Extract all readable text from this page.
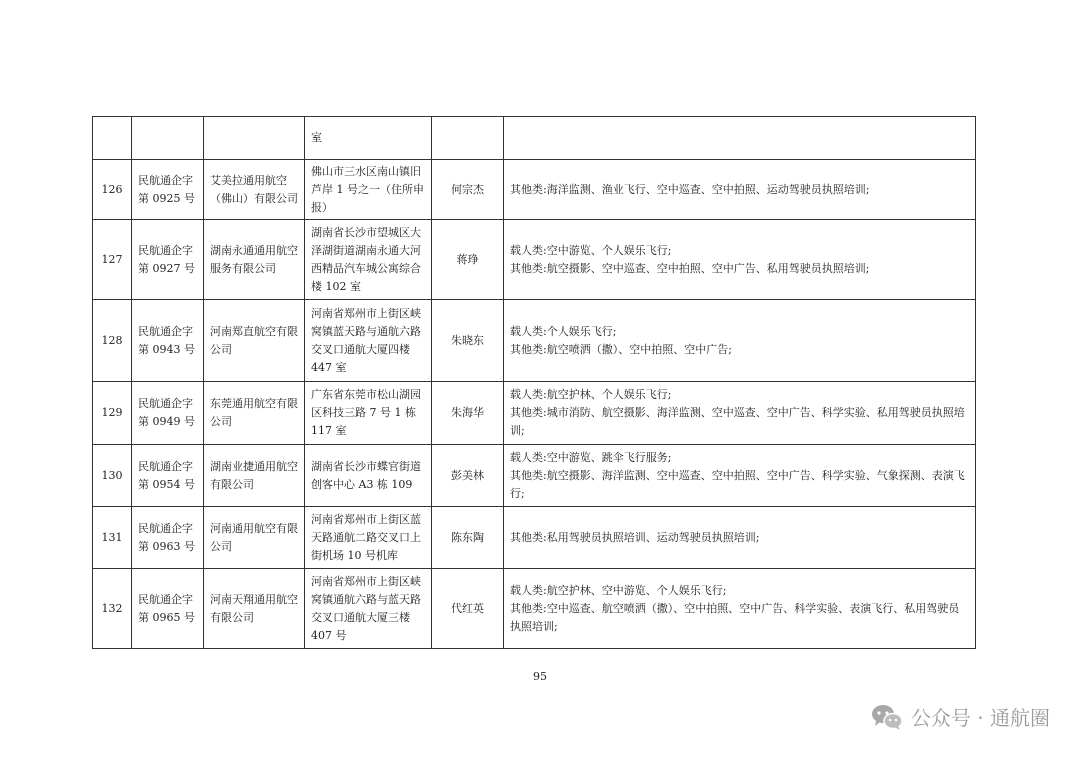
			室		
126	民航通企字第 0925 号	艾美拉通用航空（佛山）有限公司	佛山市三水区南山镇旧芦岸 1 号之一（住所申报）	何宗杰	其他类:海洋监测、渔业飞行、空中巡查、空中拍照、运动驾驶员执照培训;

127	民航通企字第 0927 号	湖南永通通用航空服务有限公司	湖南省长沙市望城区大泽湖街道湖南永通大河西精品汽车城公寓综合楼 102 室	蒋琤	载人类:空中游览、个人娱乐飞行;
其他类:航空摄影、空中巡查、空中拍照、空中广告、私用驾驶员执照培训;

128	民航通企字第 0943 号	河南郑直航空有限公司	河南省郑州市上街区峡窝镇蓝天路与通航六路交叉口通航大厦四楼 447 室	朱晓东	载人类:个人娱乐飞行;
其他类:航空喷洒（撒）、空中拍照、空中广告;

129	民航通企字第 0949 号	东莞通用航空有限公司	广东省东莞市松山湖园区科技三路 7 号 1 栋 117 室	朱海华	载人类:航空护林、个人娱乐飞行;
其他类:城市消防、航空摄影、海洋监测、空中巡查、空中广告、科学实验、私用驾驶员执照培训;

130	民航通企字第 0954 号	湖南业捷通用航空有限公司	湖南省长沙市蝶官街道创客中心 A3 栋 109	彭美林	载人类:空中游览、跳伞飞行服务;
其他类:航空摄影、海洋监测、空中巡查、空中拍照、空中广告、科学实验、气象探测、表演飞行;

131	民航通企字第 0963 号	河南通用航空有限公司	河南省郑州市上街区蓝天路通航二路交叉口上街机场 10 号机库	陈东陶	其他类:私用驾驶员执照培训、运动驾驶员执照培训;

132	民航通企字第 0965 号	河南天翔通用航空有限公司	河南省郑州市上街区峡窝镇通航六路与蓝天路交叉口通航大厦三楼 407 号	代红英	载人类:航空护林、空中游览、个人娱乐飞行;
其他类:空中巡查、航空喷洒（撒）、空中拍照、空中广告、科学实验、表演飞行、私用驾驶员执照培训;
95
公众号 · 通航圈
